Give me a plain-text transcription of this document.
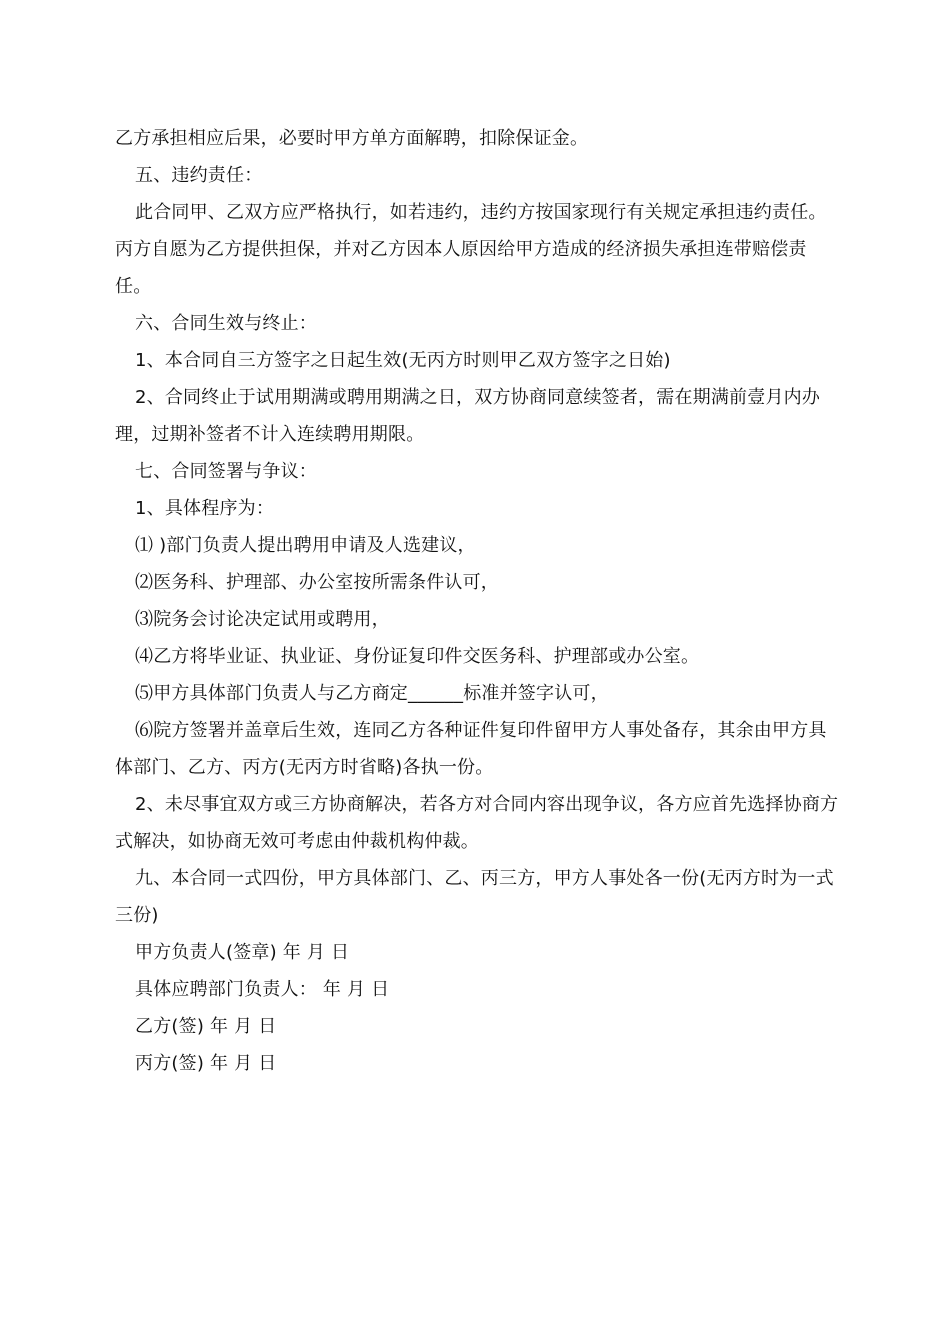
乙方承担相应后果，必要时甲方单方面解聘，扣除保证金。

五、违约责任：

此合同甲、乙双方应严格执行，如若违约，违约方按国家现行有关规定承担违约责任。丙方自愿为乙方提供担保，并对乙方因本人原因给甲方造成的经济损失承担连带赔偿责任。

六、合同生效与终止：

1、本合同自三方签字之日起生效(无丙方时则甲乙双方签字之日始)

2、合同终止于试用期满或聘用期满之日，双方协商同意续签者，需在期满前壹月内办理，过期补签者不计入连续聘用期限。

七、合同签署与争议：

1、具体程序为：

⑴ )部门负责人提出聘用申请及人选建议，

⑵医务科、护理部、办公室按所需条件认可，

⑶院务会讨论决定试用或聘用，

⑷乙方将毕业证、执业证、身份证复印件交医务科、护理部或办公室。

⑸甲方具体部门负责人与乙方商定______标准并签字认可，

⑹院方签署并盖章后生效，连同乙方各种证件复印件留甲方人事处备存，其余由甲方具体部门、乙方、丙方(无丙方时省略)各执一份。

2、未尽事宜双方或三方协商解决，若各方对合同内容出现争议，各方应首先选择协商方式解决，如协商无效可考虑由仲裁机构仲裁。

九、本合同一式四份，甲方具体部门、乙、丙三方，甲方人事处各一份(无丙方时为一式三份)

甲方负责人(签章) 年 月 日

具体应聘部门负责人： 年 月 日

乙方(签) 年 月 日

丙方(签) 年 月 日
